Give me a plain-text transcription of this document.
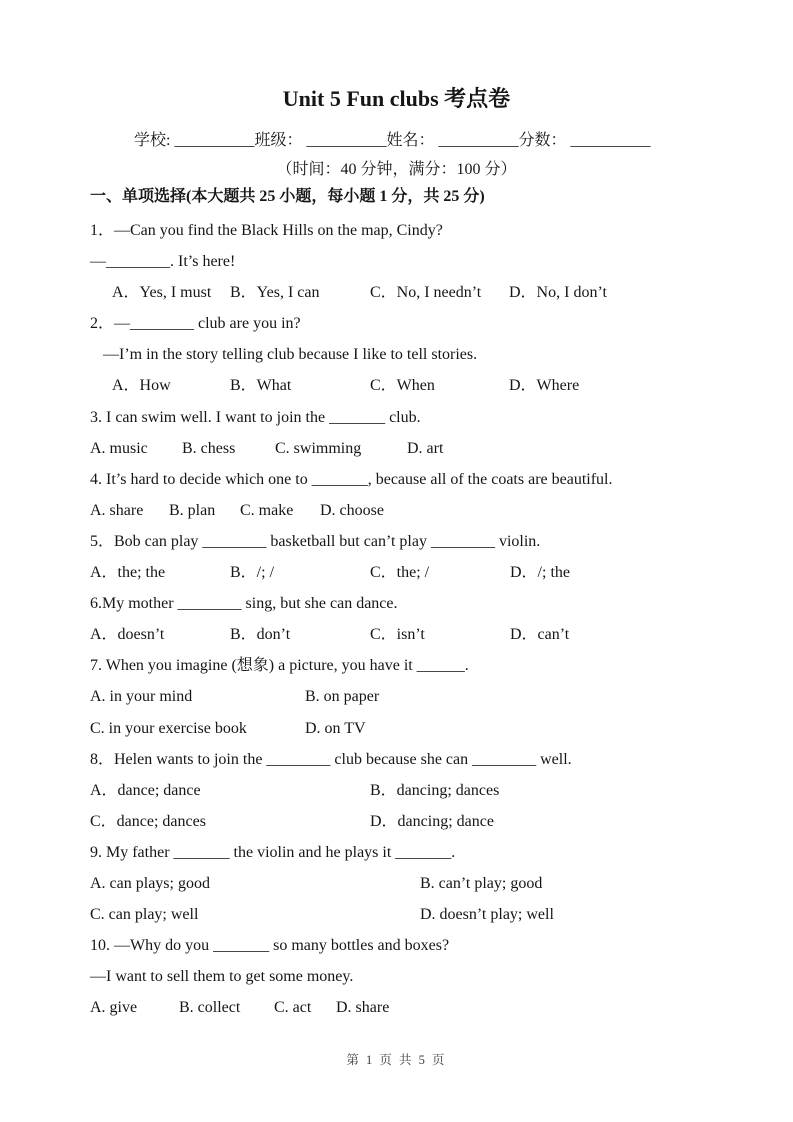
Unit 5 Fun clubs 考点卷
学校: __________班级： __________姓名： __________分数： __________
（时间：40 分钟，满分：100 分）
一、单项选择(本大题共 25 小题，每小题 1 分，共 25 分)
1．—Can you find the Black Hills on the map, Cindy?
—________. It’s here!
A．Yes, I must	B．Yes, I can	C．No, I needn’t	D．No, I don’t
2．—________ club are you in?
—I’m in the story telling club because I like to tell stories.
A．How	B．What	C．When	D．Where
3. I can swim well. I want to join the _______ club.
A. music	B. chess	C. swimming	D. art
4. It’s hard to decide which one to _______, because all of the coats are beautiful.
A. share	B. plan	C. make	D. choose
5．Bob can play ________ basketball but can’t play ________ violin.
A．the; the	B．/; /	C．the; /	D．/; the
6.My mother ________ sing, but she can dance.
A．doesn’t	B．don’t	C．isn’t	D．can’t
7. When you imagine (想象) a picture, you have it ______.
A. in your mind	B. on paper
C. in your exercise book	D. on TV
8．Helen wants to join the ________ club because she can ________ well.
A．dance; dance	B．dancing; dances
C．dance; dances	D．dancing; dance
9. My father _______ the violin and he plays it _______.
A. can plays; good	B. can’t play; good
C. can play; well	D. doesn’t play; well
10. —Why do you _______ so many bottles and boxes?
—I want to sell them to get some money.
A. give	B. collect	C. act	D. share
第 1 页 共 5 页
